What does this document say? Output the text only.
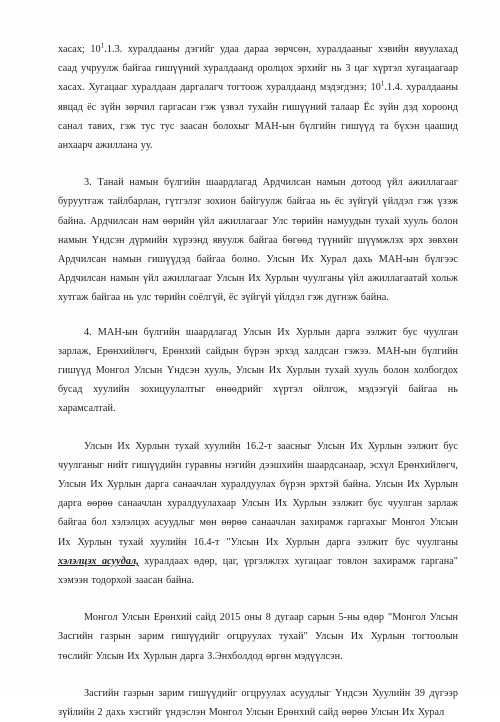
хасах; $10^1.1.3$. хуралдааны дэгийг удаа дараа зөрчсөн, хуралдааныг хэвийн явуулахад саад учруулж байгаа гишүүний хуралдаанд оролцох эрхийг нь 3 цаг хүртэл хугацаагаар хасах. Хугацааг хуралдаан даргалагч тогтоож хуралдаанд мэдэгдэнэ; $10^1.1.4$. хуралдааны явцад ёс зүйн зөрчил гаргасан гэж үзвэл тухайн гишүүний талаар Ёс зүйн дэд хороонд санал тавих, гэж тус тус заасан болохыг МАН-ын бүлгийн гишүүд та бүхэн цаашид анхаарч ажиллана уу.

3. Танай намын бүлгийн шаардлагад Ардчилсан намын дотоод үйл ажиллагааг буруутгаж тайлбарлан, гүтгэлэг зохион байгуулж байгаа нь ёс зүйгүй үйлдэл гэж үзэж байна. Ардчилсан нам өөрийн үйл ажиллагааг Улс төрийн намуудын тухай хууль болон намын Үндсэн дүрмийн хүрээнд явуулж байгаа бөгөөд түүнийг шүүмжлэх эрх зөвхөн Ардчилсан намын гишүүдэд байгаа болно. Улсын Их Хурал дахь МАН-ын бүлгээс Ардчилсан намын үйл ажиллагааг Улсын Их Хурлын чуулганы үйл ажиллагаатай хольж хутгаж байгаа нь улс төрийн соёлгүй, ёс зүйгүй үйлдэл гэж дүгнэж байна.

4. МАН-ын бүлгийн шаардлагад Улсын Их Хурлын дарга ээлжит бус чуулган зарлаж, Ерөнхийлөгч, Ерөнхий сайдын бүрэн эрхэд халдсан гэжээ. МАН-ын бүлгийн гишүүд Монгол Улсын Үндсэн хууль, Улсын Их Хурлын тухай хууль болон холбогдох бусад хуулийн зохицуулалтыг өнөөдрийг хүртэл ойлгож, мэдээгүй байгаа нь харамсалтай.

Улсын Их Хурлын тухай хуулийн 16.2-т заасныг Улсын Их Хурлын ээлжит бус чуулганыг нийт гишүүдийн гуравны нэгийн дээшхийн шаардсанаар, эсхүл Ерөнхийлөгч, Улсын Их Хурлын дарга санаачлан хуралдуулах бүрэн эрхтэй байна. Улсын Их Хурлын дарга өөрөө санаачлан хуралдуулахаар Улсын Их Хурлын ээлжит бус чуулган зарлаж байгаа бол хэлэлцэх асуудлыг мөн өөрөө санаачлан захирамж гаргахыг Монгол Улсын Их Хурлын тухай хуулийн 16.4-т "Улсын Их Хурлын дарга ээлжит бус чуулганы хэлэлцэх асуудал, хуралдаах өдөр, цаг, үргэлжлэх хугацааг товлон захирамж гаргана" хэмээн тодорхой заасан байна.

Монгол Улсын Ерөнхий сайд 2015 оны 8 дугаар сарын 5-ны өдөр "Монгол Улсын Засгийн газрын зарим гишүүдийг огцруулах тухай" Улсын Их Хурлын тогтоолын төслийг Улсын Их Хурлын дарга З.Энхболдод өргөн мэдүүлсэн.

Засгийн газрын зарим гишүүдийг огцруулах асуудлыг Үндсэн Хуулийн 39 дүгээр зүйлийн 2 дахь хэсгийг үндэслэн Монгол Улсын Ерөнхий сайд өөрөө Улсын Их Хурал
